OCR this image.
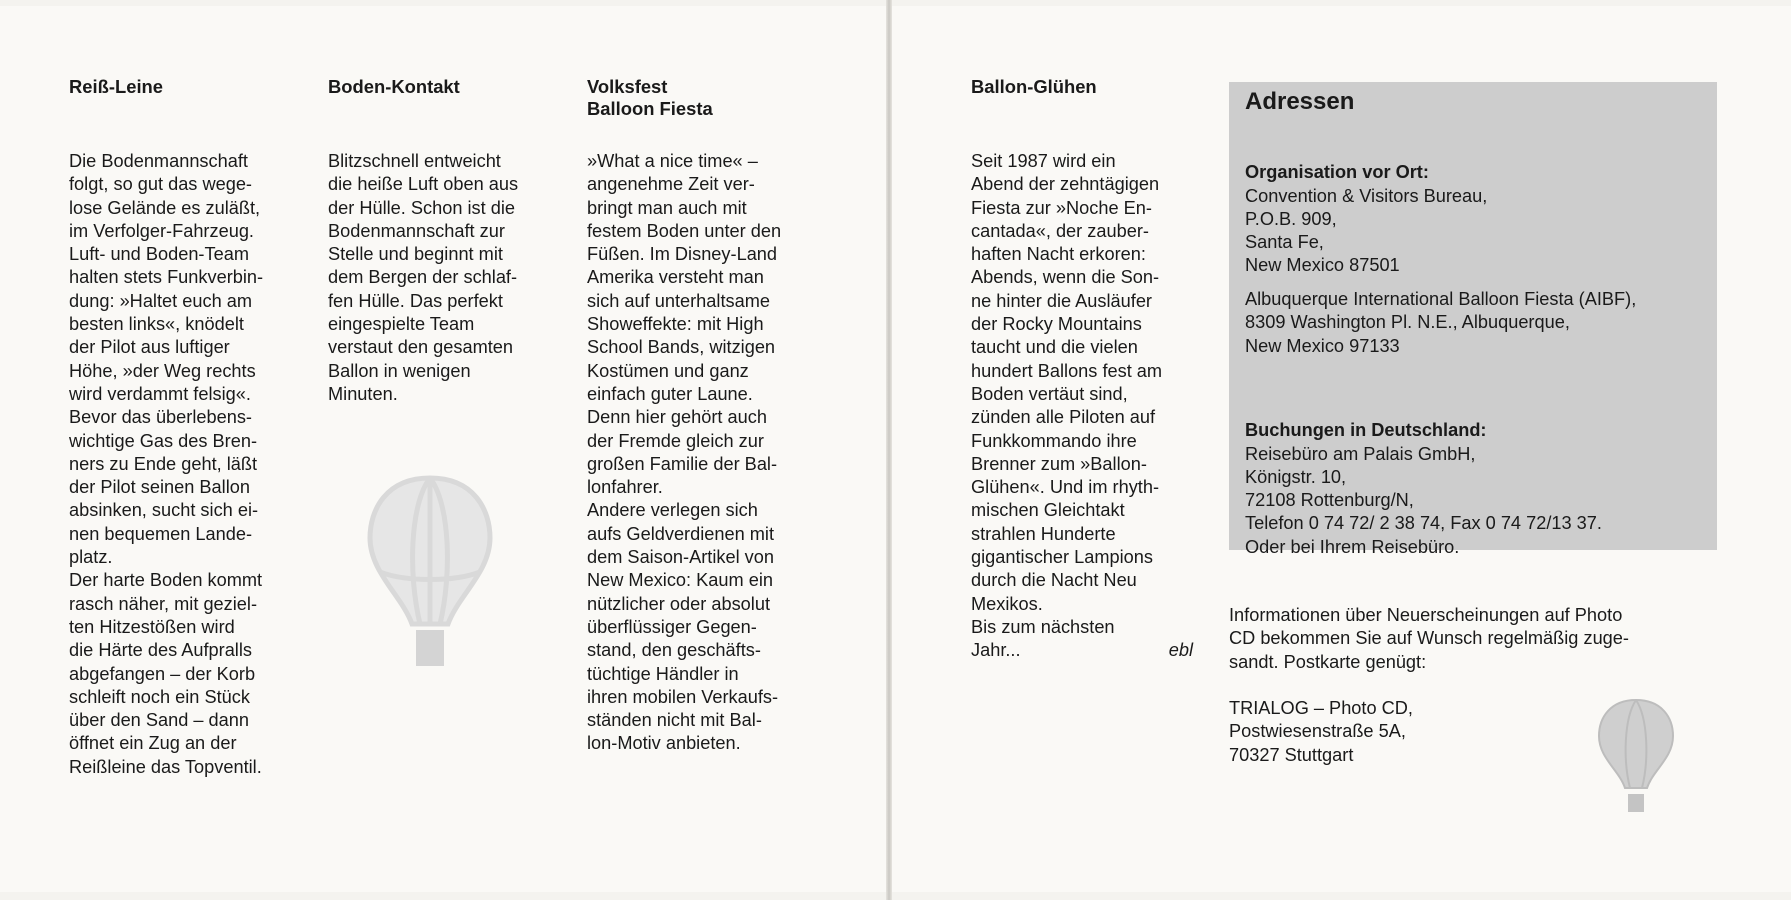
Reiß-Leine
Die Bodenmannschaft
folgt, so gut das wege-
lose Gelände es zuläßt,
im Verfolger-Fahrzeug.
Luft- und Boden-Team
halten stets Funkverbin-
dung: »Haltet euch am
besten links«, knödelt
der Pilot aus luftiger
Höhe, »der Weg rechts
wird verdammt felsig«.
Bevor das überlebens-
wichtige Gas des Bren-
ners zu Ende geht, läßt
der Pilot seinen Ballon
absinken, sucht sich ei-
nen bequemen Lande-
platz.
Der harte Boden kommt
rasch näher, mit geziel-
ten Hitzestößen wird
die Härte des Aufpralls
abgefangen – der Korb
schleift noch ein Stück
über den Sand – dann
öffnet ein Zug an der
Reißleine das Topventil.
Boden-Kontakt
Blitzschnell entweicht
die heiße Luft oben aus
der Hülle. Schon ist die
Bodenmannschaft zur
Stelle und beginnt mit
dem Bergen der schlaf-
fen Hülle. Das perfekt
eingespielte Team
verstaut den gesamten
Ballon in wenigen
Minuten.
Volksfest
Balloon Fiesta
»What a nice time« –
angenehme Zeit ver-
bringt man auch mit
festem Boden unter den
Füßen. Im Disney-Land
Amerika versteht man
sich auf unterhaltsame
Showeffekte: mit High
School Bands, witzigen
Kostümen und ganz
einfach guter Laune.
Denn hier gehört auch
der Fremde gleich zur
großen Familie der Bal-
lonfahrer.
Andere verlegen sich
aufs Geldverdienen mit
dem Saison-Artikel von
New Mexico: Kaum ein
nützlicher oder absolut
überflüssiger Gegen-
stand, den geschäfts-
tüchtige Händler in
ihren mobilen Verkaufs-
ständen nicht mit Bal-
lon-Motiv anbieten.
Ballon-Glühen
Seit 1987 wird ein
Abend der zehntägigen
Fiesta zur »Noche En-
cantada«, der zauber-
haften Nacht erkoren:
Abends, wenn die Son-
ne hinter die Ausläufer
der Rocky Mountains
taucht und die vielen
hundert Ballons fest am
Boden vertäut sind,
zünden alle Piloten auf
Funkkommando ihre
Brenner zum »Ballon-
Glühen«. Und im rhyth-
mischen Gleichtakt
strahlen Hunderte
gigantischer Lampions
durch die Nacht Neu
Mexikos.
Bis zum nächsten
Jahr...	ebl
Adressen

Organisation vor Ort:

Convention & Visitors Bureau,
P.O.B. 909,
Santa Fe,
New Mexico 87501

Albuquerque International Balloon Fiesta (AIBF),
8309 Washington Pl. N.E., Albuquerque,
New Mexico 97133

Buchungen in Deutschland:

Reisebüro am Palais GmbH,
Königstr. 10,
72108 Rottenburg/N,
Telefon 0 74 72/ 2 38 74, Fax 0 74 72/13 37.
Oder bei Ihrem Reisebüro.

Informationen über Neuerscheinungen auf Photo
CD bekommen Sie auf Wunsch regelmäßig zuge-
sandt. Postkarte genügt:
TRIALOG – Photo CD,
Postwiesenstraße 5A,
70327 Stuttgart
